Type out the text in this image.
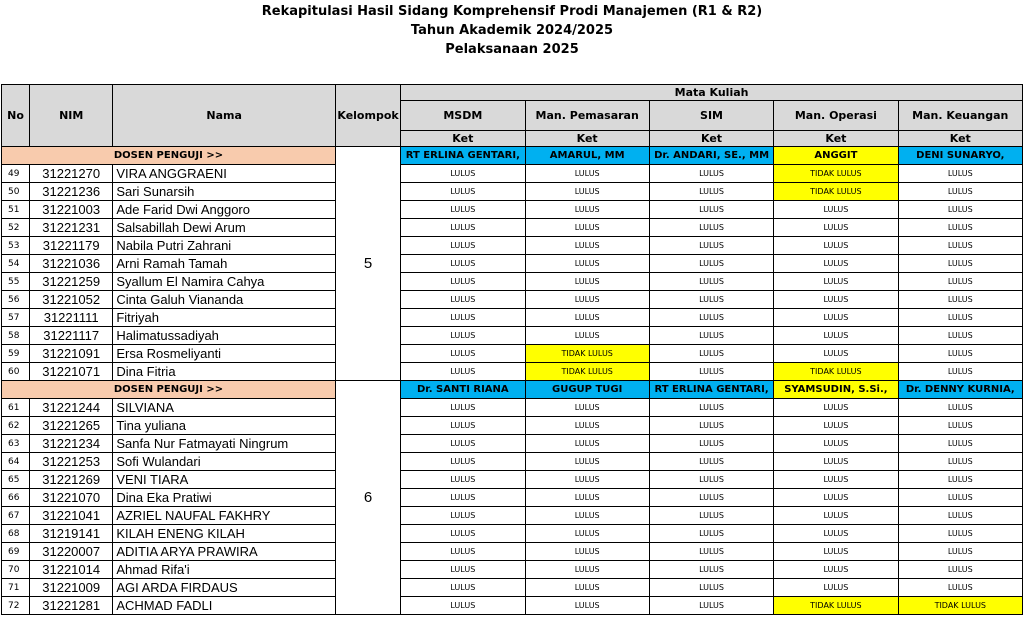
Rekapitulasi Hasil Sidang Komprehensif Prodi Manajemen (R1 & R2)
Tahun Akademik 2024/2025
Pelaksanaan 2025
No	NIM	Nama	Kelompok	Mata Kuliah				
				MSDM	Man. Pemasaran	SIM	Man. Operasi	Man. Keuangan
				Ket	Ket	Ket	Ket	Ket
DOSEN PENGUJI >>			5	RT ERLINA GENTARI,	AMARUL, MM	Dr. ANDARI, SE., MM	ANGGIT	DENI SUNARYO,
49	31221270	VIRA ANGGRAENI		LULUS	LULUS	LULUS	TIDAK LULUS	LULUS
50	31221236	Sari Sunarsih		LULUS	LULUS	LULUS	TIDAK LULUS	LULUS
51	31221003	Ade Farid Dwi Anggoro		LULUS	LULUS	LULUS	LULUS	LULUS
52	31221231	Salsabillah Dewi Arum		LULUS	LULUS	LULUS	LULUS	LULUS
53	31221179	Nabila Putri Zahrani		LULUS	LULUS	LULUS	LULUS	LULUS
54	31221036	Arni Ramah Tamah		LULUS	LULUS	LULUS	LULUS	LULUS
55	31221259	Syallum El Namira Cahya		LULUS	LULUS	LULUS	LULUS	LULUS
56	31221052	Cinta Galuh Viananda		LULUS	LULUS	LULUS	LULUS	LULUS
57	31221111	Fitriyah		LULUS	LULUS	LULUS	LULUS	LULUS
58	31221117	Halimatussadiyah		LULUS	LULUS	LULUS	LULUS	LULUS
59	31221091	Ersa Rosmeliyanti		LULUS	TIDAK LULUS	LULUS	LULUS	LULUS
60	31221071	Dina Fitria		LULUS	TIDAK LULUS	LULUS	TIDAK LULUS	LULUS
DOSEN PENGUJI >>			6	Dr. SANTI RIANA	GUGUP TUGI	RT ERLINA GENTARI,	SYAMSUDIN, S.Si.,	Dr. DENNY KURNIA,
61	31221244	SILVIANA		LULUS	LULUS	LULUS	LULUS	LULUS
62	31221265	Tina yuliana		LULUS	LULUS	LULUS	LULUS	LULUS
63	31221234	Sanfa Nur Fatmayati Ningrum		LULUS	LULUS	LULUS	LULUS	LULUS
64	31221253	Sofi Wulandari		LULUS	LULUS	LULUS	LULUS	LULUS
65	31221269	VENI TIARA		LULUS	LULUS	LULUS	LULUS	LULUS
66	31221070	Dina Eka Pratiwi		LULUS	LULUS	LULUS	LULUS	LULUS
67	31221041	AZRIEL NAUFAL FAKHRY		LULUS	LULUS	LULUS	LULUS	LULUS
68	31219141	KILAH ENENG KILAH		LULUS	LULUS	LULUS	LULUS	LULUS
69	31220007	ADITIA ARYA PRAWIRA		LULUS	LULUS	LULUS	LULUS	LULUS
70	31221014	Ahmad Rifa'i		LULUS	LULUS	LULUS	LULUS	LULUS
71	31221009	AGI ARDA FIRDAUS		LULUS	LULUS	LULUS	LULUS	LULUS
72	31221281	ACHMAD FADLI		LULUS	LULUS	LULUS	TIDAK LULUS	TIDAK LULUS
